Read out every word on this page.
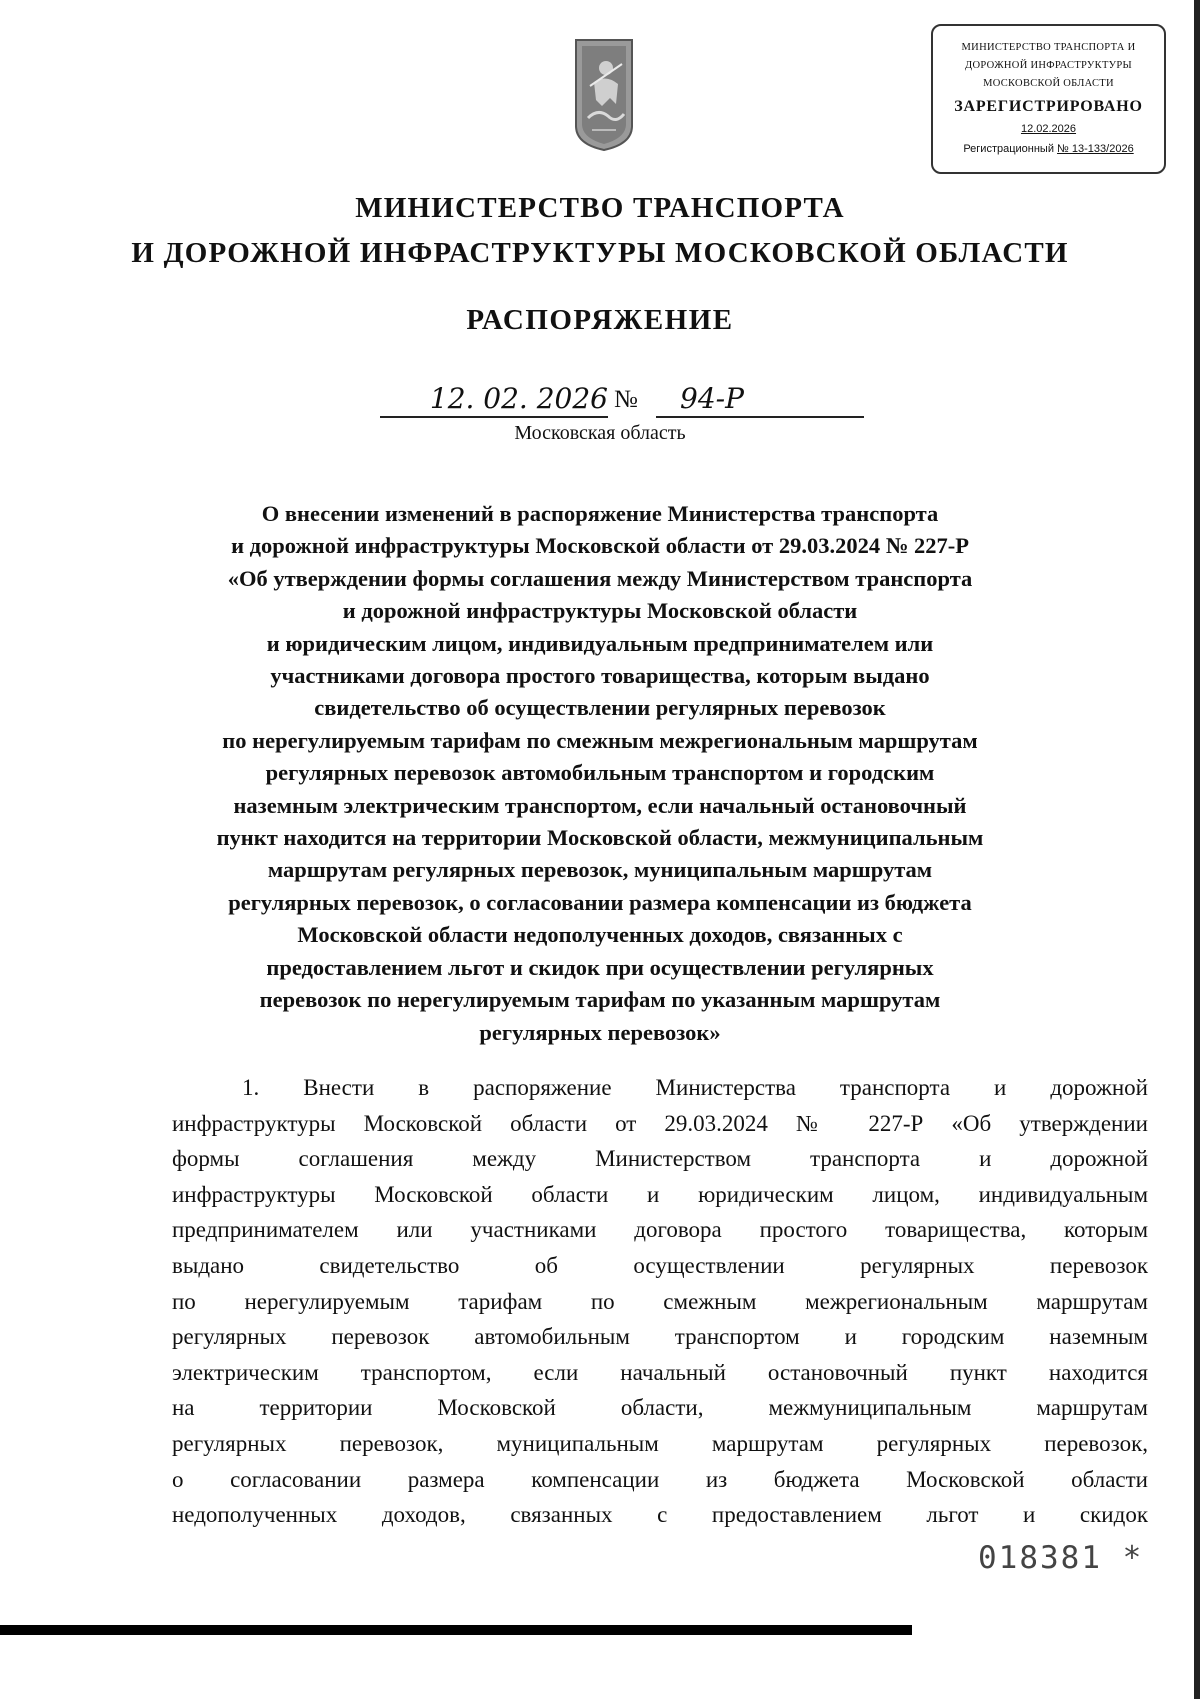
МИНИСТЕРСТВО ТРАНСПОРТА И
ДОРОЖНОЙ ИНФРАСТРУКТУРЫ
МОСКОВСКОЙ ОБЛАСТИ
ЗАРЕГИСТРИРОВАНО
12.02.2026
Регистрационный № 13-133/2026
МИНИСТЕРСТВО ТРАНСПОРТА
И ДОРОЖНОЙ ИНФРАСТРУКТУРЫ МОСКОВСКОЙ ОБЛАСТИ
РАСПОРЯЖЕНИЕ
12. 02. 2026 №	94-Р
Московская область
О внесении изменений в распоряжение Министерства транспорта
и дорожной инфраструктуры Московской области от 29.03.2024 № 227-Р
«Об утверждении формы соглашения между Министерством транспорта
и дорожной инфраструктуры Московской области
и юридическим лицом, индивидуальным предпринимателем или
участниками договора простого товарищества, которым выдано
свидетельство об осуществлении регулярных перевозок
по нерегулируемым тарифам по смежным межрегиональным маршрутам
регулярных перевозок автомобильным транспортом и городским
наземным электрическим транспортом, если начальный остановочный
пункт находится на территории Московской области, межмуниципальным
маршрутам регулярных перевозок, муниципальным маршрутам
регулярных перевозок, о согласовании размера компенсации из бюджета
Московской области недополученных доходов, связанных с
предоставлением льгот и скидок при осуществлении регулярных
перевозок по нерегулируемым тарифам по указанным маршрутам
регулярных перевозок»
1. Внести в распоряжение Министерства транспорта и дорожной
инфраструктуры Московской области от 29.03.2024 № 227-Р «Об утверждении
формы соглашения между Министерством транспорта и дорожной
инфраструктуры Московской области и юридическим лицом, индивидуальным
предпринимателем или участниками договора простого товарищества, которым
выдано свидетельство об осуществлении регулярных перевозок
по нерегулируемым тарифам по смежным межрегиональным маршрутам
регулярных перевозок автомобильным транспортом и городским наземным
электрическим транспортом, если начальный остановочный пункт находится
на территории Московской области, межмуниципальным маршрутам
регулярных перевозок, муниципальным маршрутам регулярных перевозок,
о согласовании размера компенсации из бюджета Московской области
недополученных доходов, связанных с предоставлением льгот и скидок
018381 *
